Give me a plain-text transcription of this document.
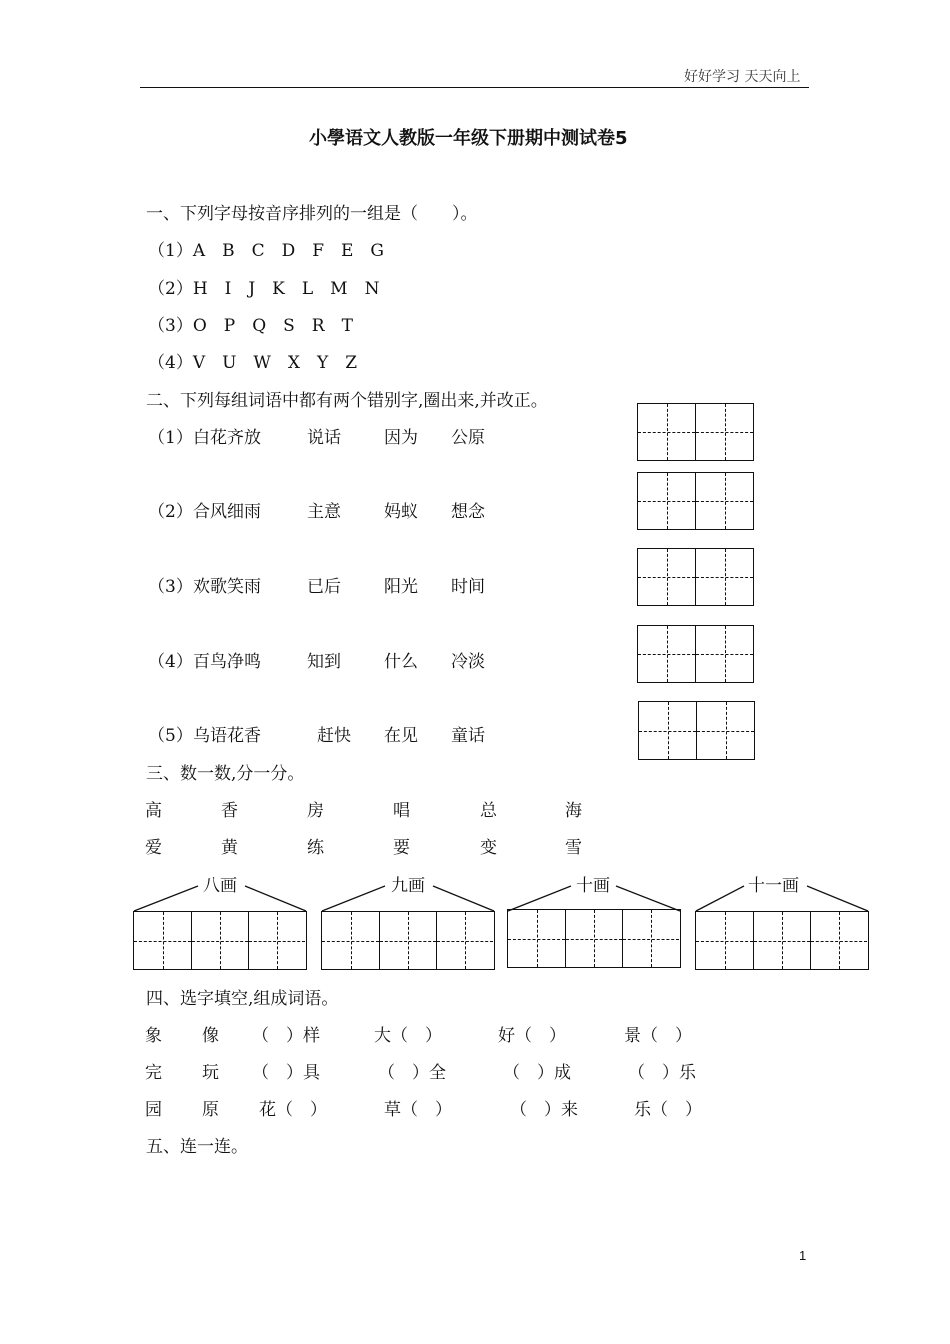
好好学习 天天向上
小學语文人教版一年级下册期中测试卷5
一、下列字母按音序排列的一组是（　　）。
（1）A　B　C　D　F　E　G
（2）H　I　J　K　L　M　N
（3）O　P　Q　S　R　T
（4）V　U　W　X　Y　Z
二、下列每组词语中都有两个错别字,圈出来,并改正。
（1） 白花齐放	说话	因为 公原
（2） 合风细雨	主意	妈蚁 想念
（3） 欢歌笑雨	已后	阳光 时间
（4） 百鸟净鸣	知到	什么 冷淡
（5） 乌语花香	赶快 在见 童话
三、数一数,分一分。
高	香	房	唱	总	海
爱	黄	练	要	变	雪
八画	九画	十画	十一画
四、选字填空,组成词语。
象 像 （　）样	大（　）	好（　）	景（　）
完 玩 （　）具	（　）全	（　）成	（　）乐
园 原 花（　）	草（　）	（　）来	乐（　）
五、连一连。
1
